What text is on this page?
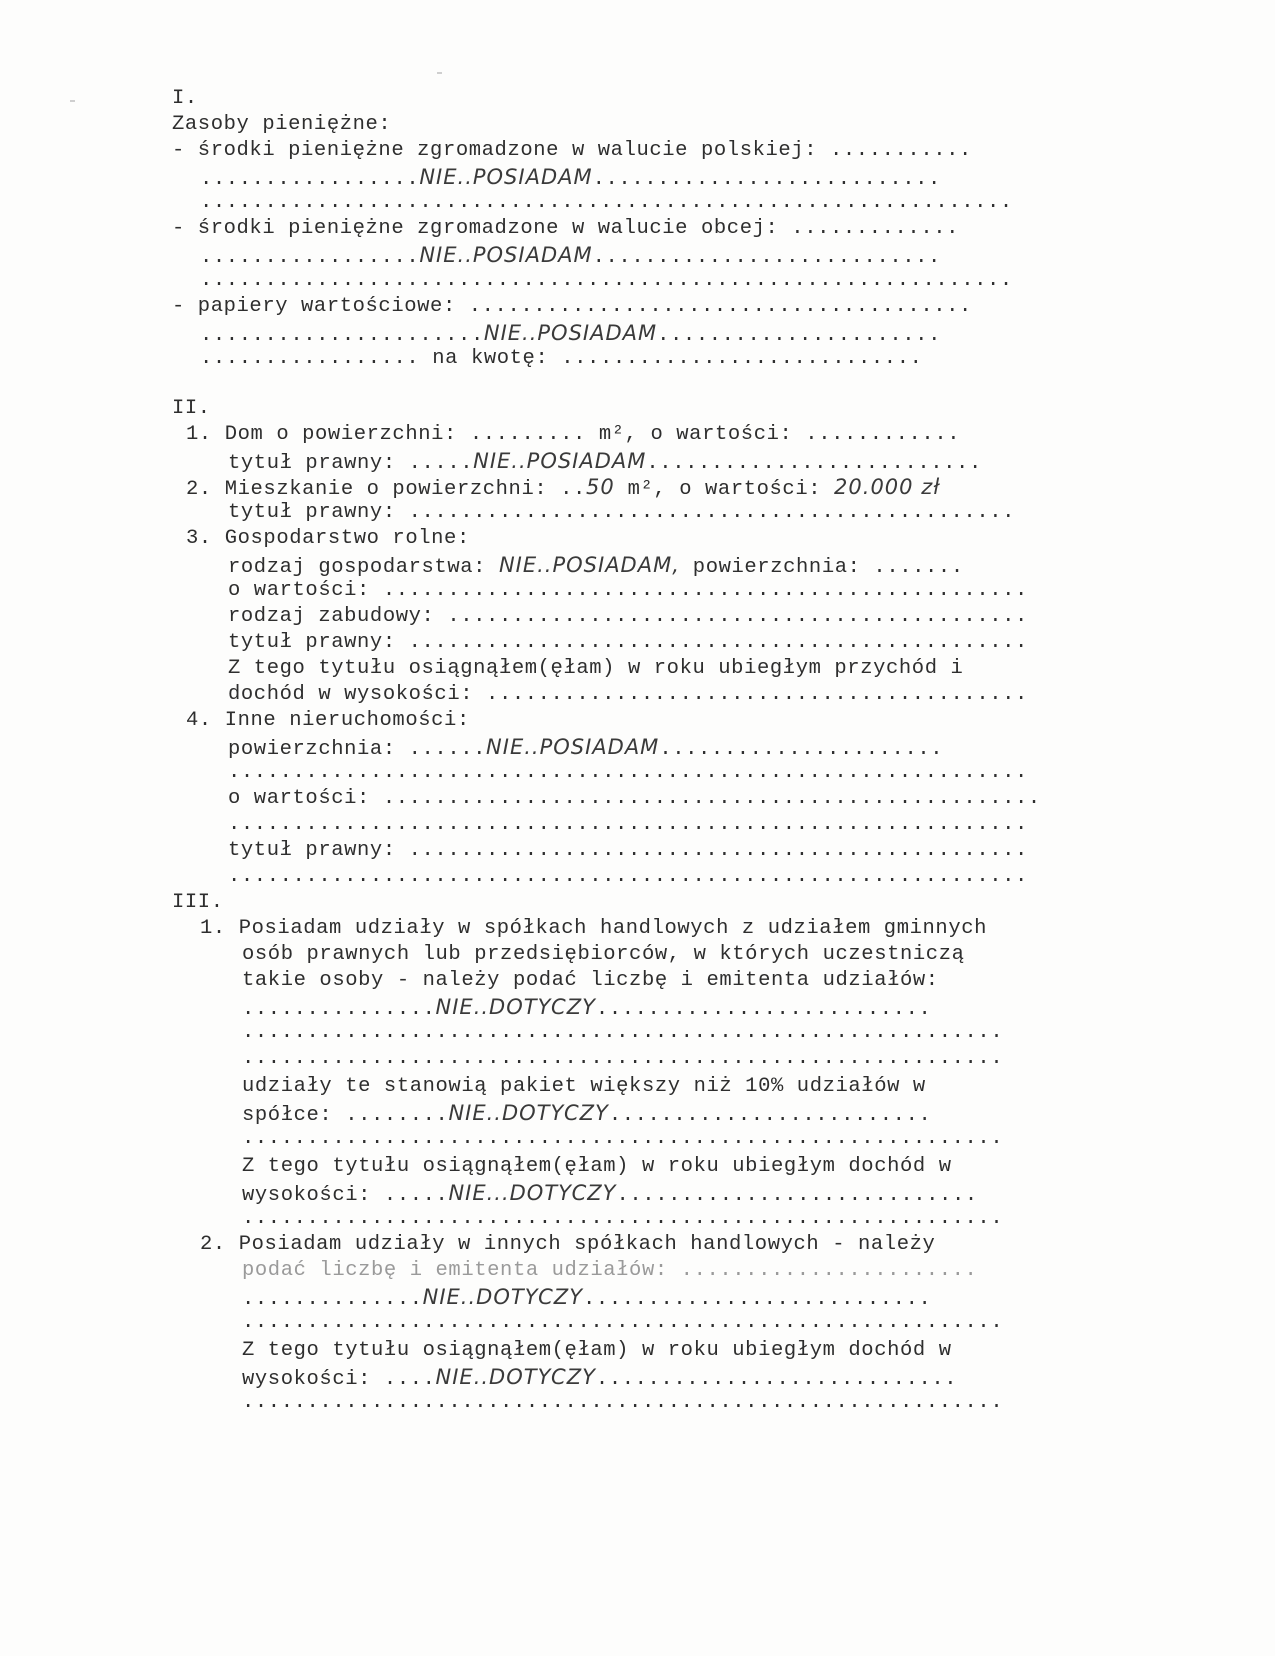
I.
Zasoby pieniężne:
- środki pieniężne zgromadzone w walucie polskiej: ...........
.................NIE..POSIADAM...........................
...............................................................
- środki pieniężne zgromadzone w walucie obcej: .............
.................NIE..POSIADAM...........................
...............................................................
- papiery wartościowe: .......................................
......................NIE..POSIADAM......................
................. na kwotę: ............................
II.
1. Dom o powierzchni: ......... m², o wartości: ............
tytuł prawny: .....NIE..POSIADAM..........................
2. Mieszkanie o powierzchni: ..50 m², o wartości: 20.000 zł
tytuł prawny: ...............................................
3. Gospodarstwo rolne:
rodzaj gospodarstwa: NIE..POSIADAM, powierzchnia: .......
o wartości: ..................................................
rodzaj zabudowy: .............................................
tytuł prawny: ................................................
Z tego tytułu osiągnąłem(ęłam) w roku ubiegłym przychód i
dochód w wysokości: ..........................................
4. Inne nieruchomości:
powierzchnia: ......NIE..POSIADAM......................
..............................................................
o wartości: ...................................................
..............................................................
tytuł prawny: ................................................
..............................................................
III.
1. Posiadam udziały w spółkach handlowych z udziałem gminnych
osób prawnych lub przedsiębiorców, w których uczestniczą
takie osoby - należy podać liczbę i emitenta udziałów:
...............NIE..DOTYCZY..........................
...........................................................
...........................................................
udziały te stanowią pakiet większy niż 10% udziałów w
spółce: ........NIE..DOTYCZY.........................
...........................................................
Z tego tytułu osiągnąłem(ęłam) w roku ubiegłym dochód w
wysokości: .....NIE...DOTYCZY............................
...........................................................
2. Posiadam udziały w innych spółkach handlowych - należy
podać liczbę i emitenta udziałów: .......................
..............NIE..DOTYCZY...........................
...........................................................
Z tego tytułu osiągnąłem(ęłam) w roku ubiegłym dochód w
wysokości: ....NIE..DOTYCZY............................
...........................................................
